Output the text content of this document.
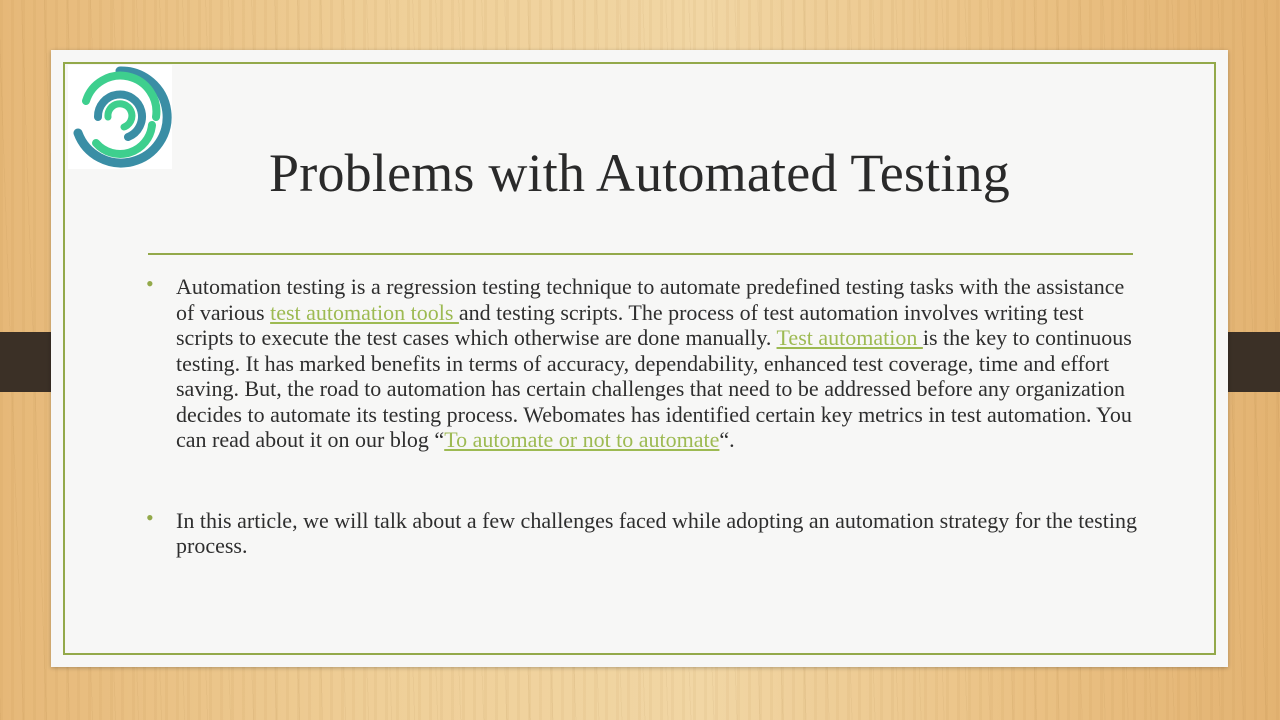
Problems with Automated Testing
• Automation testing is a regression testing technique to automate predefined testing tasks with the assistance of various test automation tools and testing scripts. The process of test automation involves writing test scripts to execute the test cases which otherwise are done manually. Test automation is the key to continuous testing. It has marked benefits in terms of accuracy, dependability, enhanced test coverage, time and effort saving. But, the road to automation has certain challenges that need to be addressed before any organization decides to automate its testing process. Webomates has identified certain key metrics in test automation. You can read about it on our blog “To automate or not to automate“.
• In this article, we will talk about a few challenges faced while adopting an automation strategy for the testing process.
